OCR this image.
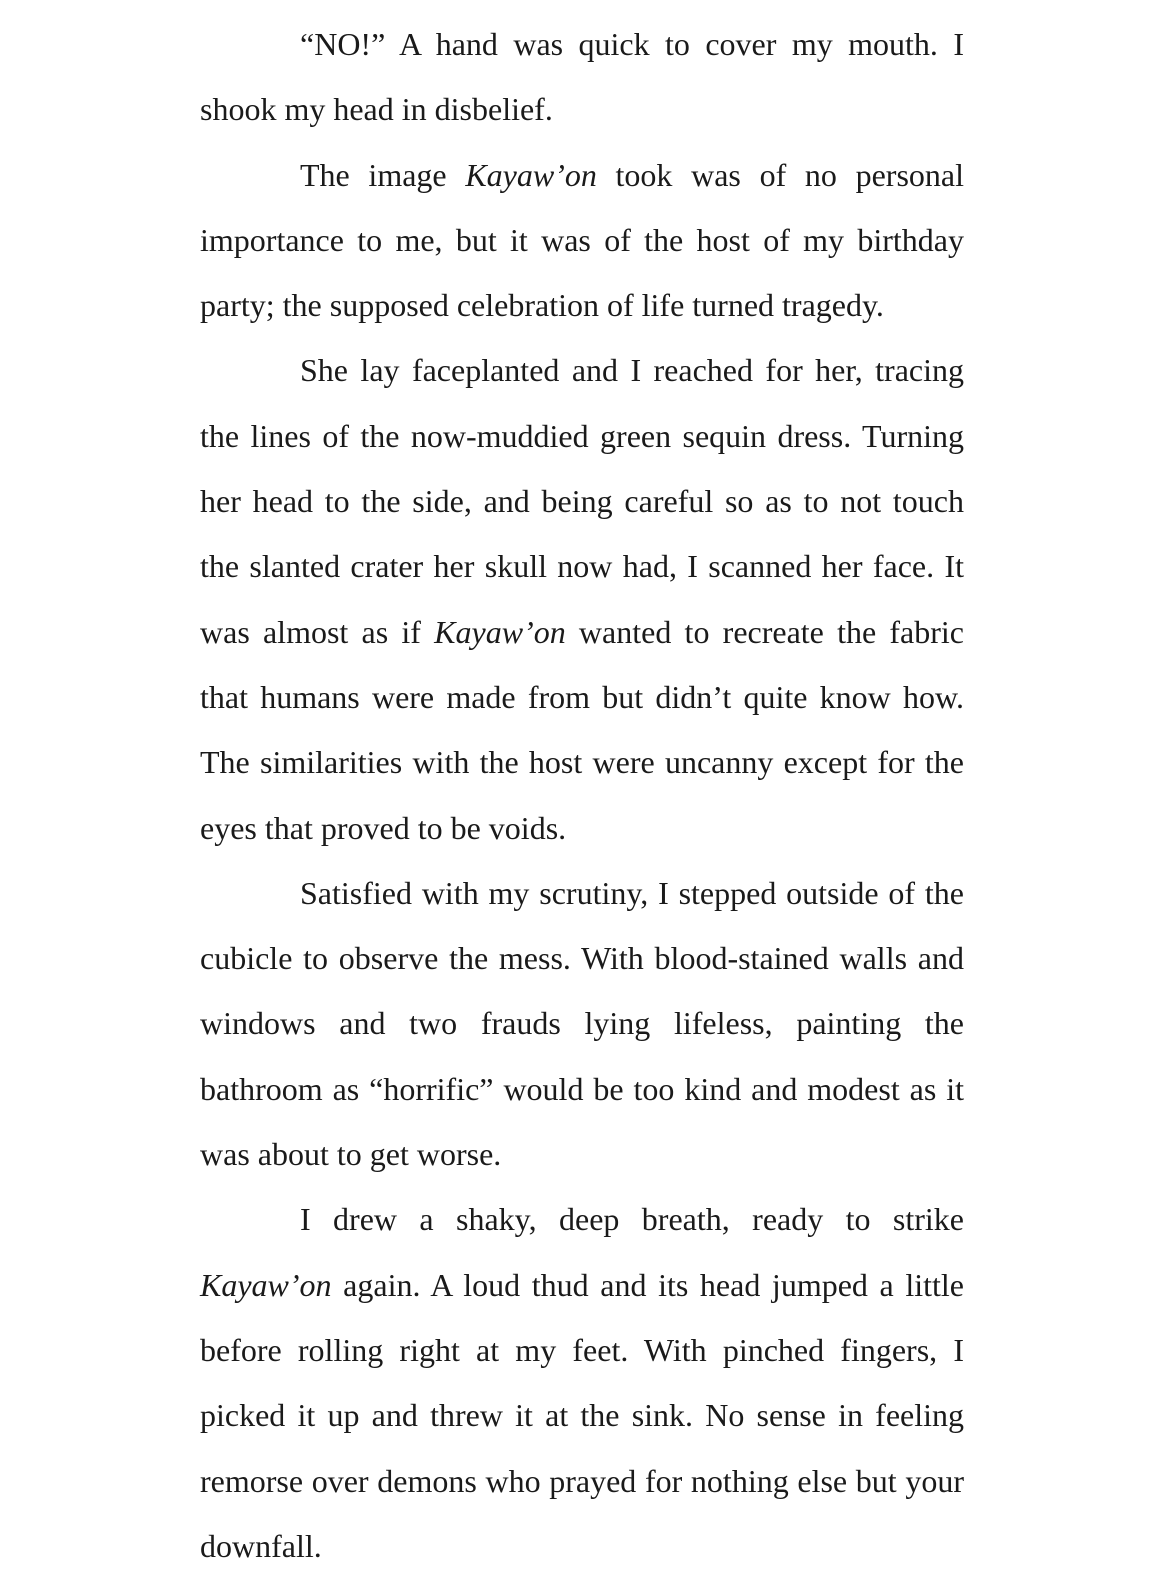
“NO!” A hand was quick to cover my mouth. I shook my head in disbelief.

The image Kayaw’on took was of no personal importance to me, but it was of the host of my birthday party; the supposed celebration of life turned tragedy.

She lay faceplanted and I reached for her, tracing the lines of the now-muddied green sequin dress. Turning her head to the side, and being careful so as to not touch the slanted crater her skull now had, I scanned her face. It was almost as if Kayaw’on wanted to recreate the fabric that humans were made from but didn’t quite know how. The similarities with the host were uncanny except for the eyes that proved to be voids.

Satisfied with my scrutiny, I stepped outside of the cubicle to observe the mess. With blood-stained walls and windows and two frauds lying lifeless, painting the bathroom as “horrific” would be too kind and modest as it was about to get worse.

I drew a shaky, deep breath, ready to strike Kayaw’on again. A loud thud and its head jumped a little before rolling right at my feet. With pinched fingers, I picked it up and threw it at the sink. No sense in feeling remorse over demons who prayed for nothing else but your downfall.
